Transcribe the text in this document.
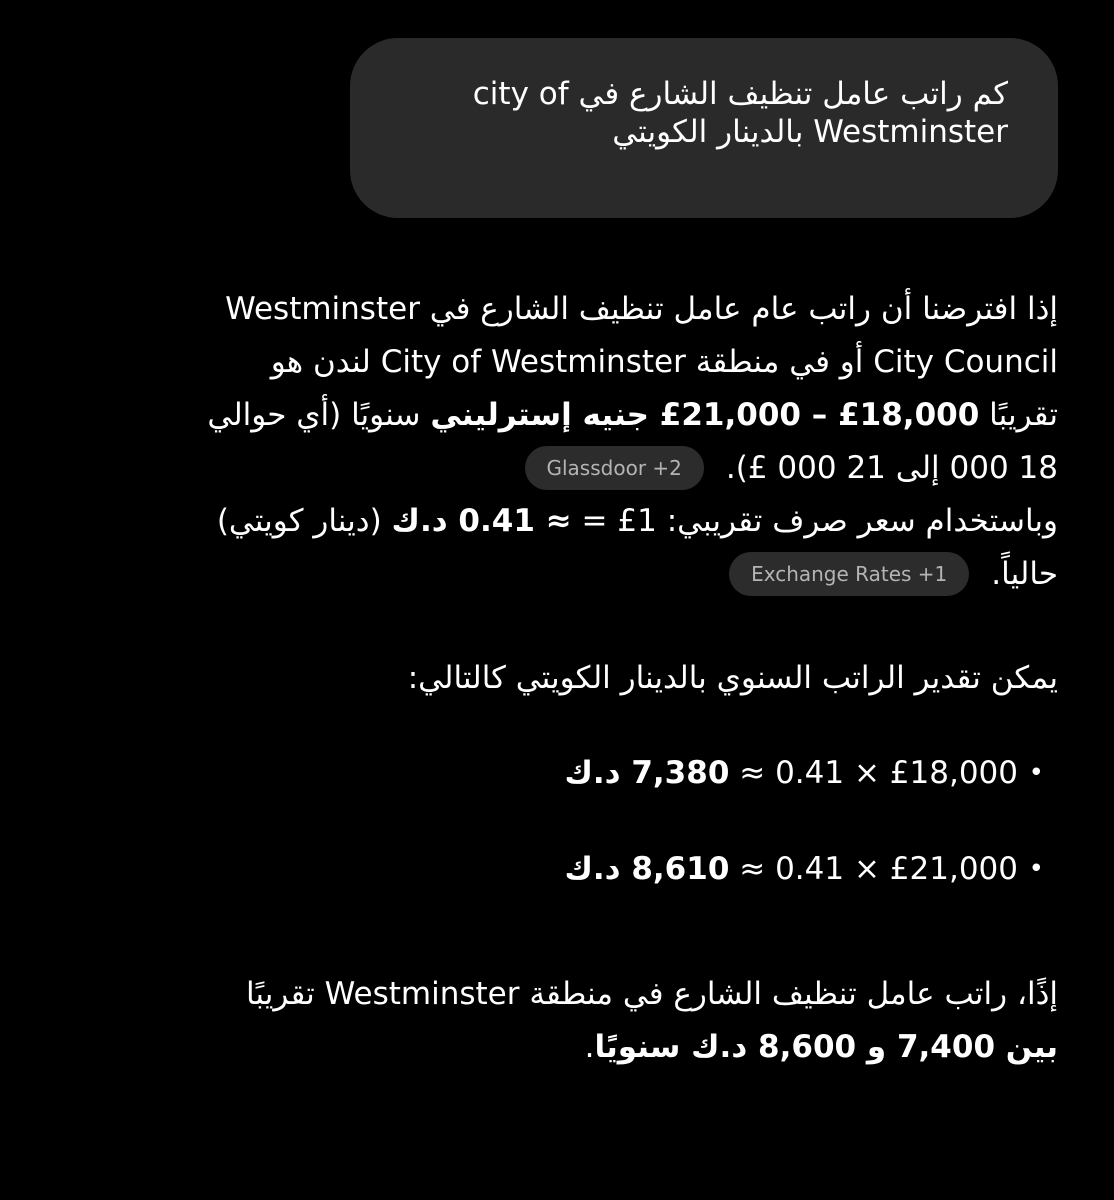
كم راتب عامل تنظيف الشارع في city of
Westminster بالدينار الكويتي
إذا افترضنا أن راتب عام عامل تنظيف الشارع في Westminster
City Council أو في منطقة City of Westminster لندن هو
تقريبًا 18,000£ – 21,000£ جنيه إسترليني سنويًا (أي حوالي
18 000 إلى 21 000 £).Glassdoor +2
وباستخدام سعر صرف تقريبي: 1£ = ≈ 0.41 د.ك (دينار كويتي)
حالياً.Exchange Rates +1
يمكن تقدير الراتب السنوي بالدينار الكويتي كالتالي:
•
£18,000 × 0.41 ≈ 7,380 د.ك
•
£21,000 × 0.41 ≈ 8,610 د.ك
إذًا، راتب عامل تنظيف الشارع في منطقة Westminster تقريبًا
بين 7,400 و 8,600 د.ك سنويًا.
